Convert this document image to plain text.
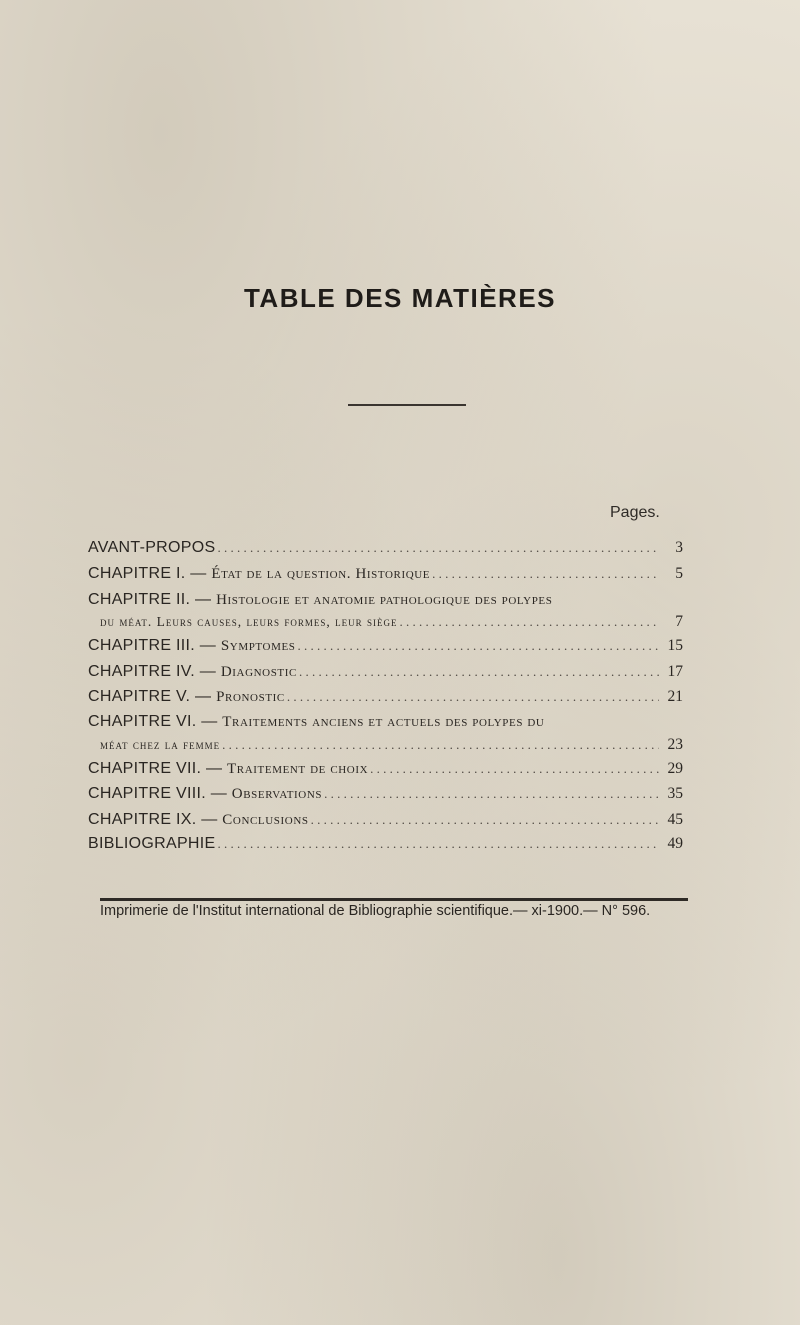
TABLE DES MATIÈRES
Pages.
AVANT-PROPOS . . .	3
CHAPITRE I. — État de la question. Historique . . .	5
CHAPITRE II. — Histologie et anatomie pathologique des polypes
du méat. Leurs causes, leurs formes, leur siège . . .	7
CHAPITRE III. — Symptomes . . .	15
CHAPITRE IV. — Diagnostic . . .	17
CHAPITRE V. — Pronostic . . .	21
CHAPITRE VI. — Traitements anciens et actuels des polypes du
méat chez la femme . . .	23
CHAPITRE VII. — Traitement de choix . . .	29
CHAPITRE VIII. — Observations . . .	35
CHAPITRE IX. — Conclusions . . .	45
BIBLIOGRAPHIE . . .	49
Imprimerie de l'Institut international de Bibliographie scientifique.— xi-1900.— N° 596.
